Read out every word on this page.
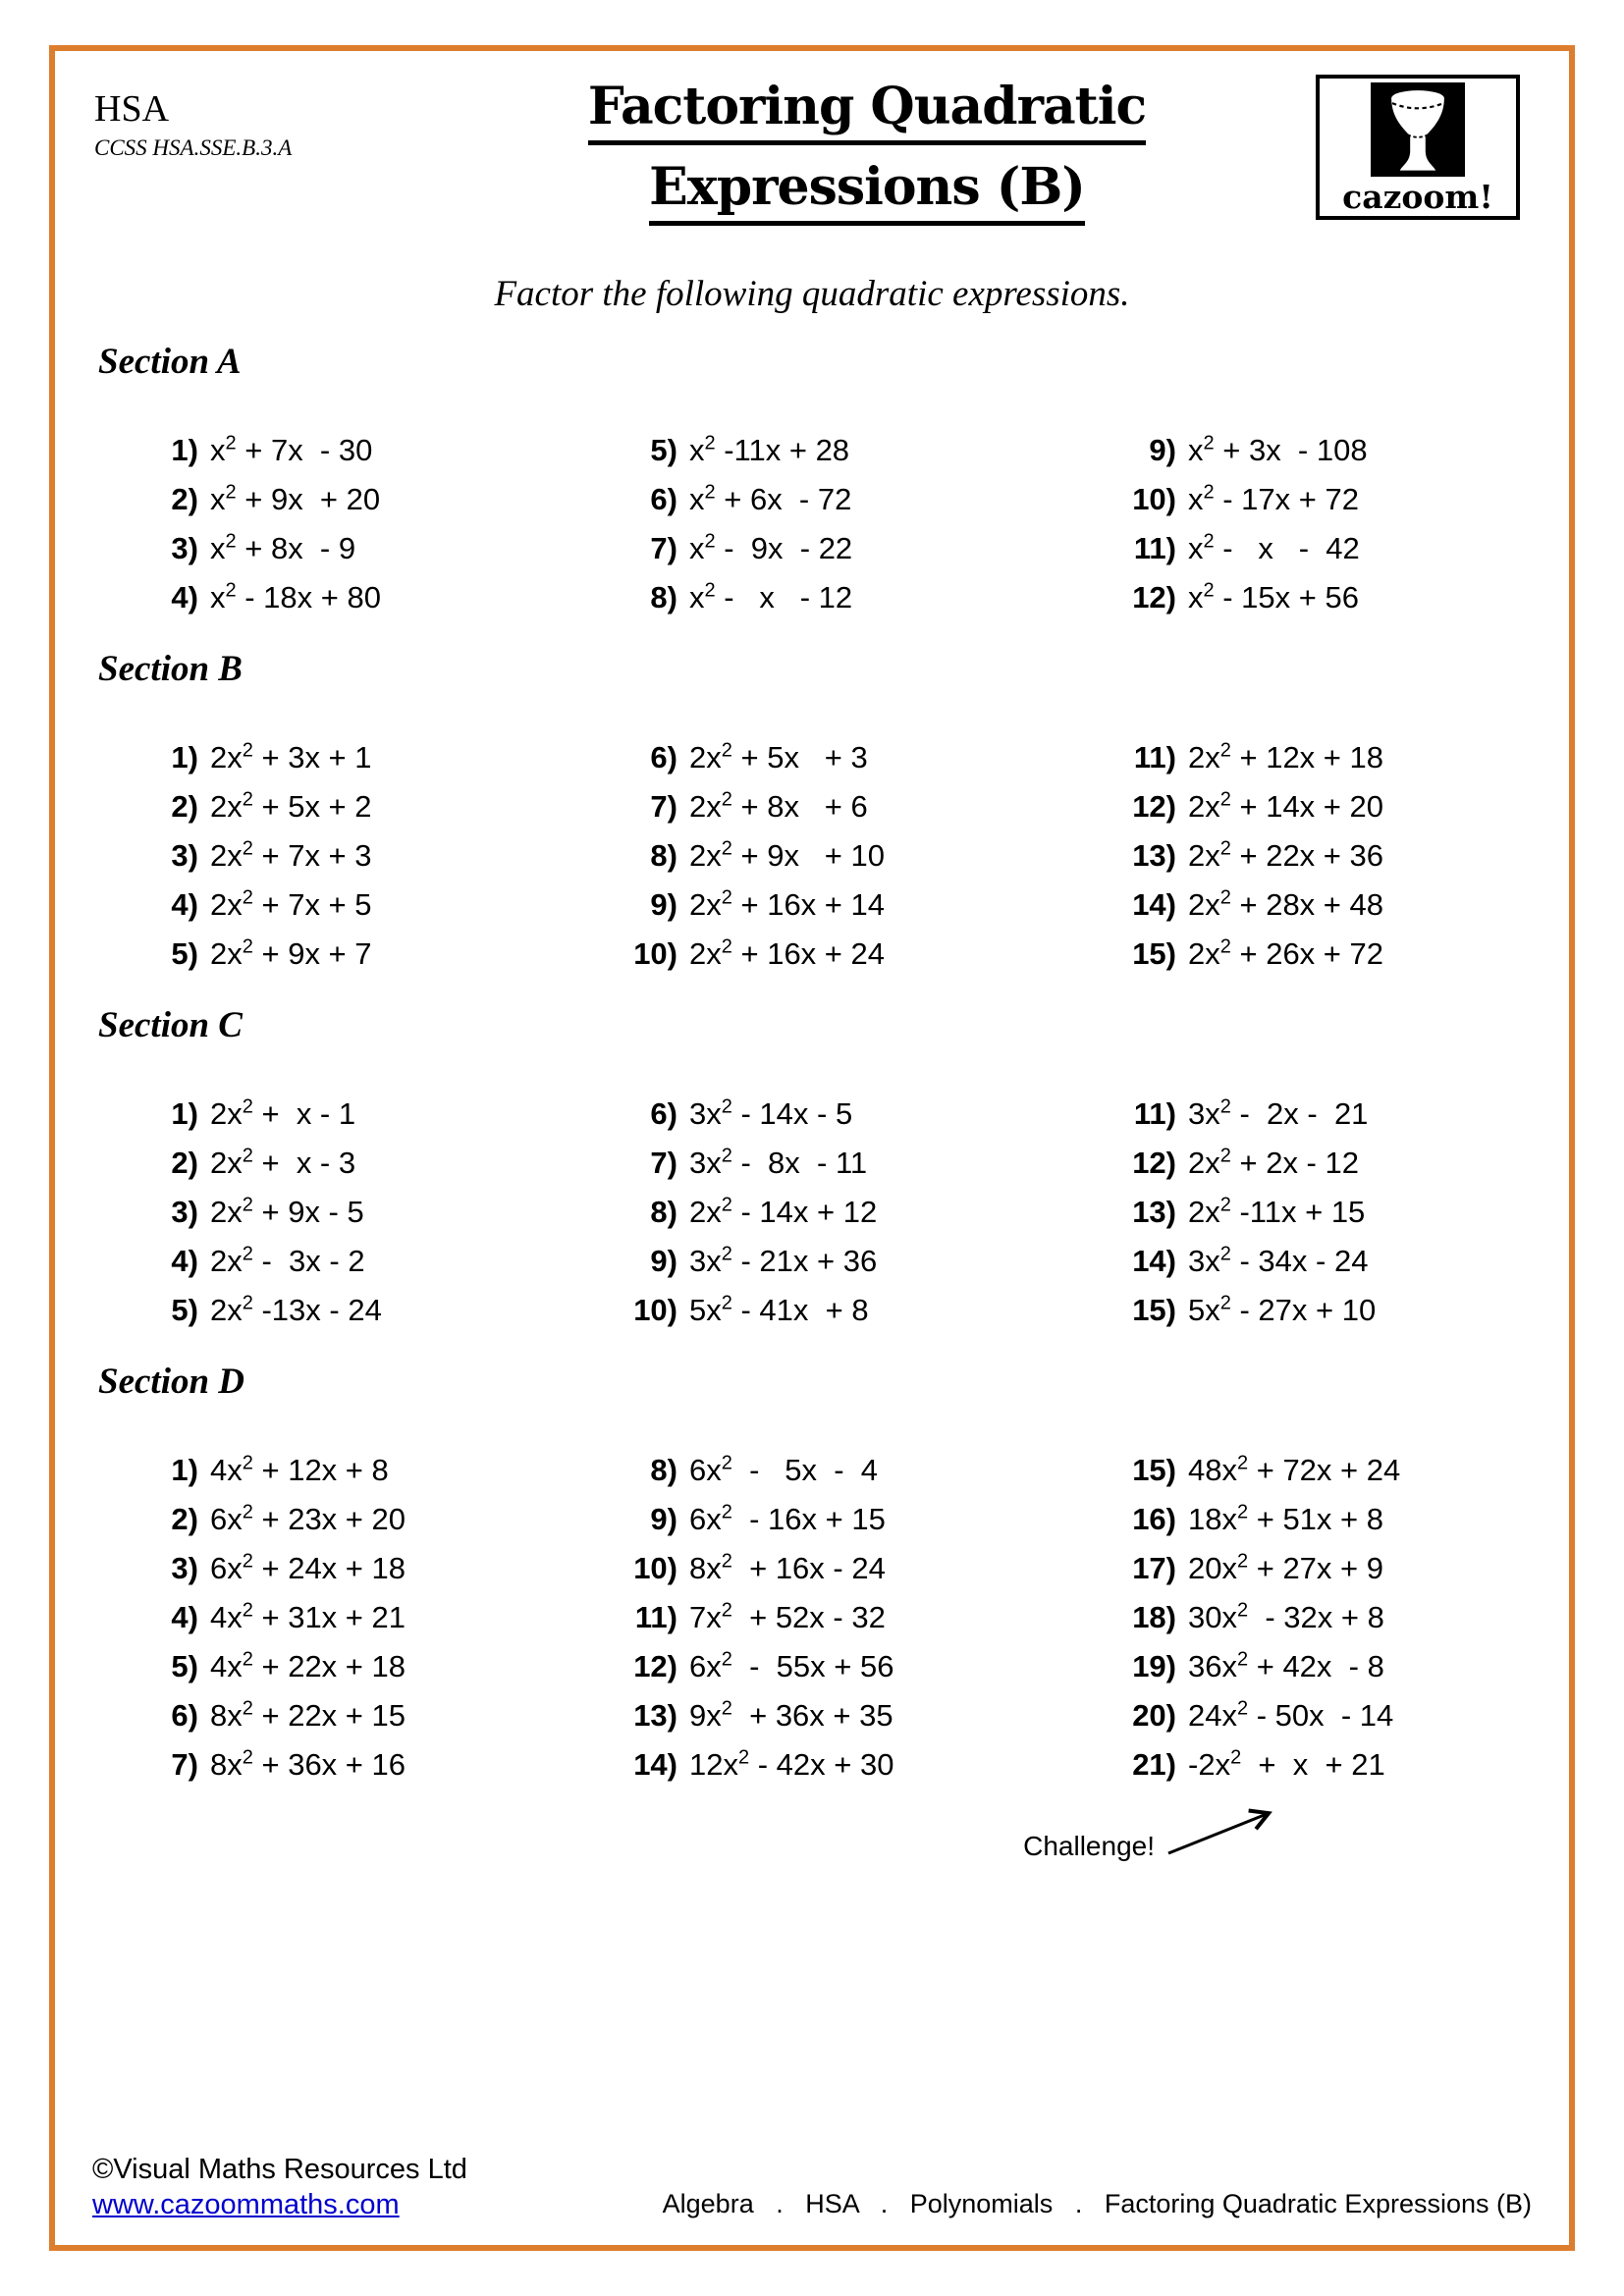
HSA
CCSS HSA.SSE.B.3.A
Factoring Quadratic
Expressions (B)	cazoom!
Factor the following quadratic expressions.
Section A
1) $x^2 + 7x - 30$
2) $x^2 + 9x + 20$
3) $x^2 + 8x - 9$
4) $x^2 - 18x + 80$
5) $x^2$ -11x + 28
6) $x^2 + 6x - 72$
7) $x^2 - 9x - 22$
8) $x^2$ -   x   - 12
9) $x^2 + 3x - 108$
10) $x^2 - 17x + 72$
11) $x^2$ -   x   -  42
12) $x^2 - 15x + 56$
Section B
1) $2x^2 + 3x + 1$
2) $2x^2 + 5x + 2$
3) $2x^2 + 7x + 3$
4) $2x^2 + 7x + 5$
5) $2x^2 + 9x + 7$
6) $2x^2 + 5x + 3$
7) $2x^2 + 8x + 6$
8) $2x^2 + 9x + 10$
9) $2x^2 + 16x + 14$
10) $2x^2 + 16x + 24$
11) $2x^2 + 12x + 18$
12) $2x^2 + 14x + 20$
13) $2x^2 + 22x + 36$
14) $2x^2 + 28x + 48$
15) $2x^2 + 26x + 72$
Section C
1) $2x^2 + x - 1$
2) $2x^2 + x - 3$
3) $2x^2 + 9x - 5$
4) $2x^2 - 3x - 2$
5) $2x^2$ -13x - 24
6) $3x^2 - 14x - 5$
7) $3x^2 - 8x - 11$
8) $2x^2 - 14x + 12$
9) $3x^2 - 21x + 36$
10) $5x^2 - 41x + 8$
11) $3x^2 - 2x - 21$
12) $2x^2 + 2x - 12$
13) $2x^2$ -11x + 15
14) $3x^2 - 34x - 24$
15) $5x^2 - 27x + 10$
Section D
1) $4x^2 + 12x + 8$
2) $6x^2 + 23x + 20$
3) $6x^2 + 24x + 18$
4) $4x^2 + 31x + 21$
5) $4x^2 + 22x + 18$
6) $8x^2 + 22x + 15$
7) $8x^2 + 36x + 16$
8) $6x^2 - 5x - 4$
9) $6x^2 - 16x + 15$
10) $8x^2 + 16x - 24$
11) $7x^2 + 52x - 32$
12) $6x^2 - 55x + 56$
13) $9x^2 + 36x + 35$
14) $12x^2 - 42x + 30$
15) $48x^2 + 72x + 24$
16) $18x^2 + 51x + 8$
17) $20x^2 + 27x + 9$
18) $30x^2 - 32x + 8$
19) $36x^2 + 42x - 8$
20) $24x^2 - 50x - 14$
21) $-2x^2 + x + 21$
Challenge!
©Visual Maths Resources Ltd
www.cazoommaths.com	Algebra   .   HSA   .   Polynomials   .   Factoring Quadratic Expressions (B)
